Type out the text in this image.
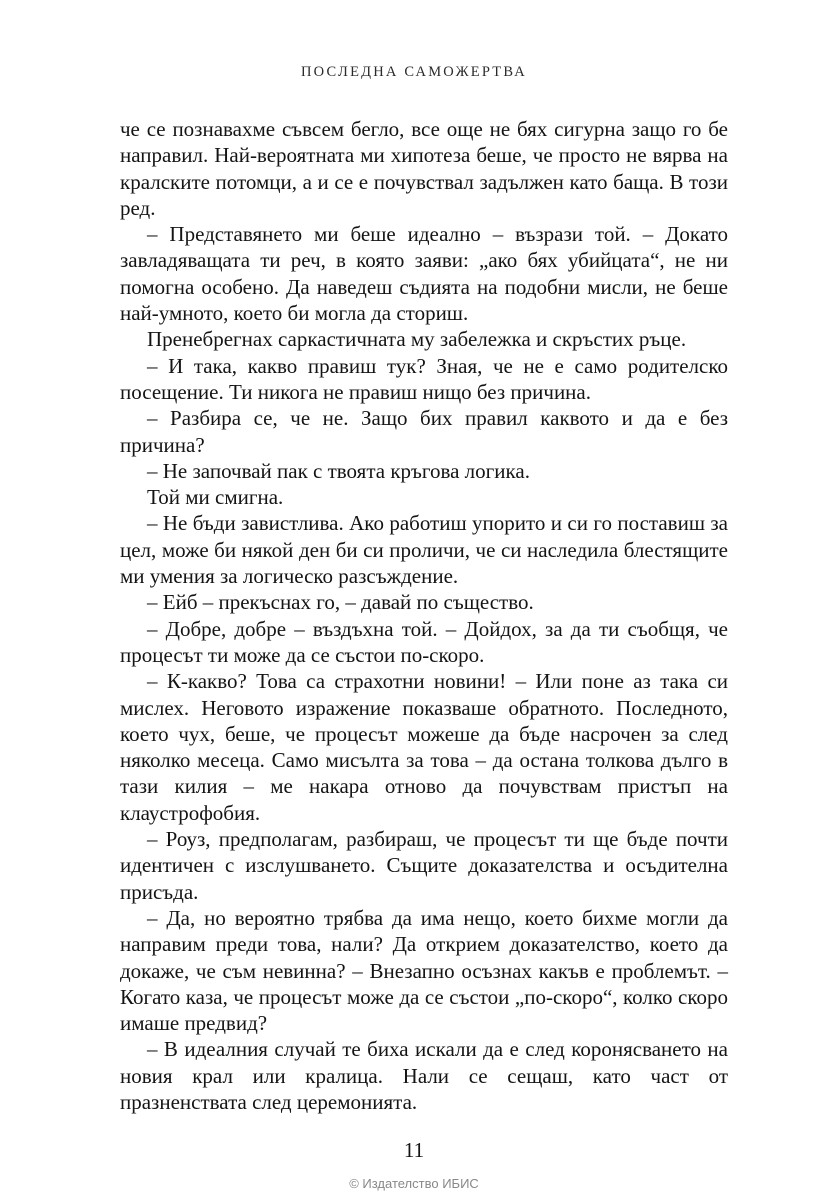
ПОСЛЕДНА САМОЖЕРТВА

че се познавахме съвсем бегло, все още не бях сигурна защо го бе направил. Най-вероятната ми хипотеза беше, че просто не вярва на кралските потомци, а и се е почувствал задължен като баща. В този ред.

– Представянето ми беше идеално – възрази той. – Докато завладяващата ти реч, в която заяви: „ако бях убийцата“, не ни помогна особено. Да наведеш съдията на подобни мисли, не беше най-умното, което би могла да сториш.

Пренебрегнах саркастичната му забележка и скръстих ръце.

– И така, какво правиш тук? Зная, че не е само родителско посещение. Ти никога не правиш нищо без причина.

– Разбира се, че не. Защо бих правил каквото и да е без причина?

– Не започвай пак с твоята кръгова логика.

Той ми смигна.

– Не бъди завистлива. Ако работиш упорито и си го поставиш за цел, може би някой ден би си проличи, че си наследила блестящите ми умения за логическо разсъждение.

– Ейб – прекъснах го, – давай по същество.

– Добре, добре – въздъхна той. – Дойдох, за да ти съобщя, че процесът ти може да се състои по-скоро.

– К-какво? Това са страхотни новини! – Или поне аз така си мислех. Неговото изражение показваше обратното. Последното, което чух, беше, че процесът можеше да бъде насрочен за след няколко месеца. Само мисълта за това – да остана толкова дълго в тази килия – ме накара отново да почувствам пристъп на клаустрофобия.

– Роуз, предполагам, разбираш, че процесът ти ще бъде почти идентичен с изслушването. Същите доказателства и осъдителна присъда.

– Да, но вероятно трябва да има нещо, което бихме могли да направим преди това, нали? Да открием доказателство, което да докаже, че съм невинна? – Внезапно осъзнах какъв е проблемът. – Когато каза, че процесът може да се състои „по-скоро“, колко скоро имаше предвид?

– В идеалния случай те биха искали да е след коронясването на новия крал или кралица. Нали се сещаш, като част от празненствата след церемонията.

11
© Издателство ИБИС
